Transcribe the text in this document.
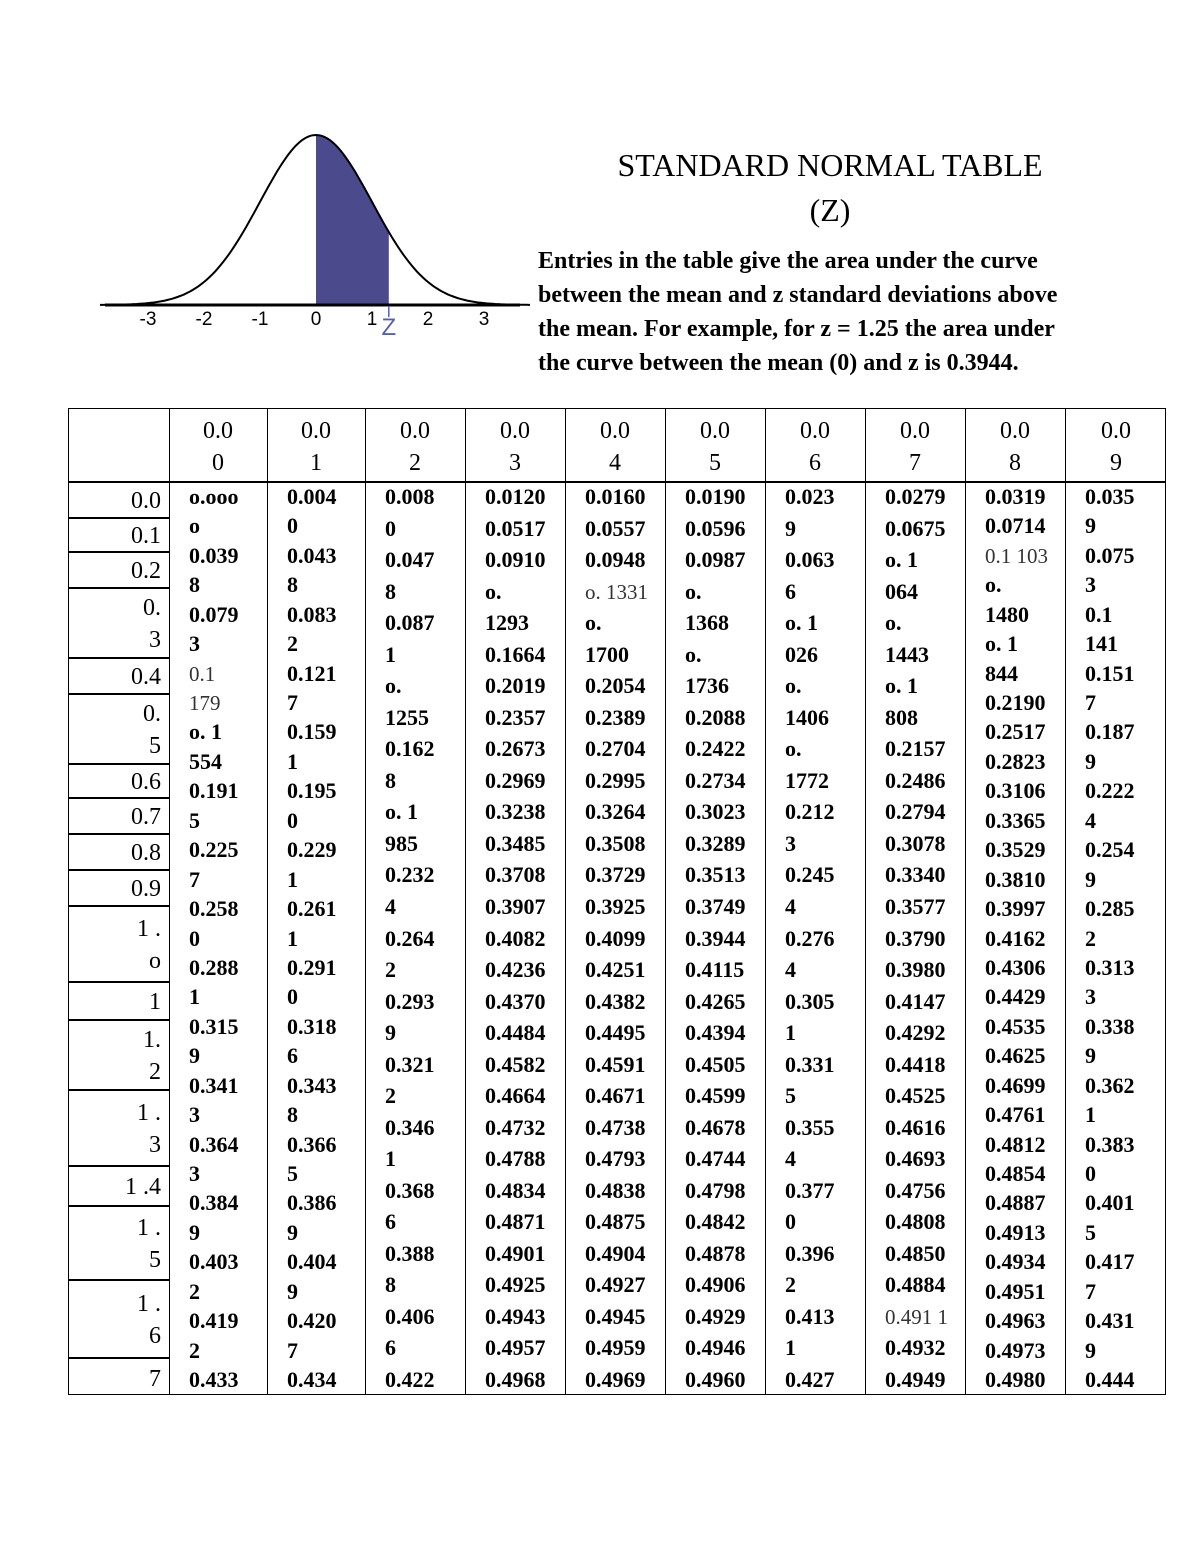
-3 -2 -1 0 1 2 3
Z
STANDARD NORMAL TABLE (Z)
Entries in the table give the area under the curve
between the mean and z standard deviations above
the mean. For example, for z = 1.25 the area under
the curve between the mean (0) and z is 0.3944.
0.0
0
0.0
1
0.0
2
0.0
3
0.0
4
0.0
5
0.0
6
0.0
7
0.0
8
0.0
9
0.0
0.1
0.2
0.
3
0.4
0.
5
0.6
0.7
0.8
0.9
1 .
o
1
1.
2
1 .
3
1 .4
1 .
5
1 .
6
7
o.ooo
o
0.039
8
0.079
3
0.1
179
o. 1
554
0.191
5
0.225
7
0.258
0
0.288
1
0.315
9
0.341
3
0.364
3
0.384
9
0.403
2
0.419
2
0.433
0.004
0
0.043
8
0.083
2
0.121
7
0.159
1
0.195
0
0.229
1
0.261
1
0.291
0
0.318
6
0.343
8
0.366
5
0.386
9
0.404
9
0.420
7
0.434
0.008
0
0.047
8
0.087
1
o.
1255
0.162
8
o. 1
985
0.232
4
0.264
2
0.293
9
0.321
2
0.346
1
0.368
6
0.388
8
0.406
6
0.422
0.0120
0.0517
0.0910
o.
1293
0.1664
0.2019
0.2357
0.2673
0.2969
0.3238
0.3485
0.3708
0.3907
0.4082
0.4236
0.4370
0.4484
0.4582
0.4664
0.4732
0.4788
0.4834
0.4871
0.4901
0.4925
0.4943
0.4957
0.4968
0.0160
0.0557
0.0948
o. 1331
o.
1700
0.2054
0.2389
0.2704
0.2995
0.3264
0.3508
0.3729
0.3925
0.4099
0.4251
0.4382
0.4495
0.4591
0.4671
0.4738
0.4793
0.4838
0.4875
0.4904
0.4927
0.4945
0.4959
0.4969
0.0190
0.0596
0.0987
o.
1368
o.
1736
0.2088
0.2422
0.2734
0.3023
0.3289
0.3513
0.3749
0.3944
0.4115
0.4265
0.4394
0.4505
0.4599
0.4678
0.4744
0.4798
0.4842
0.4878
0.4906
0.4929
0.4946
0.4960
0.023
9
0.063
6
o. 1
026
o.
1406
o.
1772
0.212
3
0.245
4
0.276
4
0.305
1
0.331
5
0.355
4
0.377
0
0.396
2
0.413
1
0.427
0.0279
0.0675
o. 1
064
o.
1443
o. 1
808
0.2157
0.2486
0.2794
0.3078
0.3340
0.3577
0.3790
0.3980
0.4147
0.4292
0.4418
0.4525
0.4616
0.4693
0.4756
0.4808
0.4850
0.4884
0.491 1
0.4932
0.4949
0.0319
0.0714
0.1 103
o.
1480
o. 1
844
0.2190
0.2517
0.2823
0.3106
0.3365
0.3529
0.3810
0.3997
0.4162
0.4306
0.4429
0.4535
0.4625
0.4699
0.4761
0.4812
0.4854
0.4887
0.4913
0.4934
0.4951
0.4963
0.4973
0.4980
0.035
9
0.075
3
0.1
141
0.151
7
0.187
9
0.222
4
0.254
9
0.285
2
0.313
3
0.338
9
0.362
1
0.383
0
0.401
5
0.417
7
0.431
9
0.444
